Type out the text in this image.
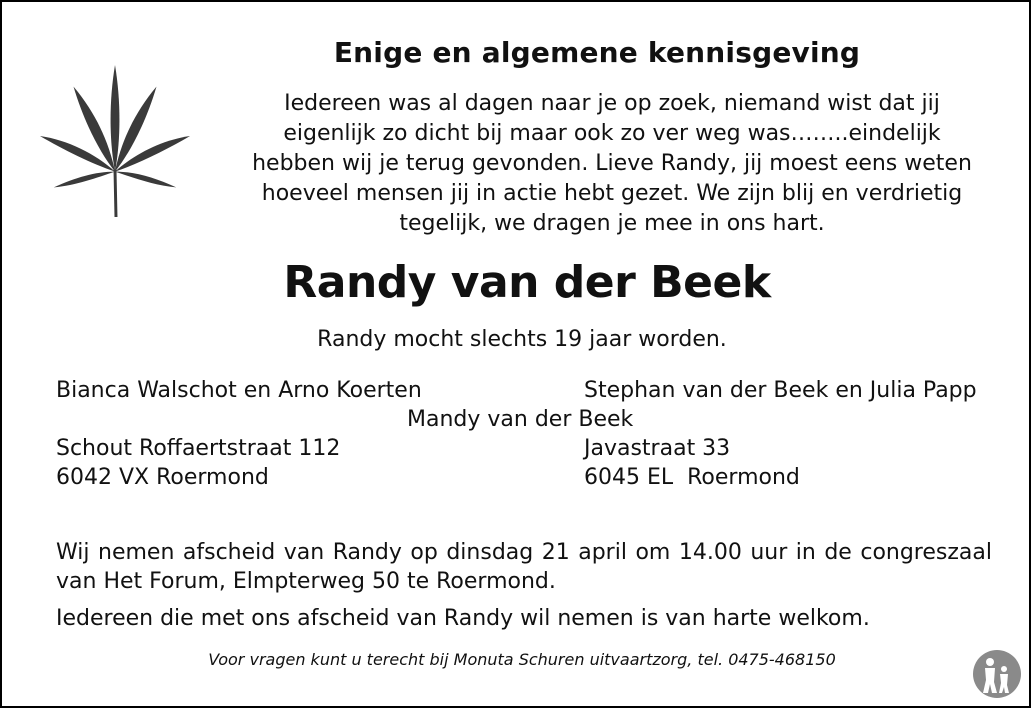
Enige en algemene kennisgeving
Iedereen was al dagen naar je op zoek, niemand wist dat jij
eigenlijk zo dicht bij maar ook zo ver weg was……..eindelijk
hebben wij je terug gevonden. Lieve Randy, jij moest eens weten
hoeveel mensen jij in actie hebt gezet. We zijn blij en verdrietig
tegelijk, we dragen je mee in ons hart.
Randy van der Beek
Randy mocht slechts 19 jaar worden.
Bianca Walschot en Arno Koerten	Stephan van der Beek en Julia Papp
Mandy van der Beek
Schout Roffaertstraat 112	Javastraat 33
6042 VX Roermond	6045 EL  Roermond
Wij nemen afscheid van Randy op dinsdag 21 april om 14.00 uur in de congreszaal van Het Forum, Elmpterweg 50 te Roermond.
Iedereen die met ons afscheid van Randy wil nemen is van harte welkom.
Voor vragen kunt u terecht bij Monuta Schuren uitvaartzorg, tel. 0475-468150
